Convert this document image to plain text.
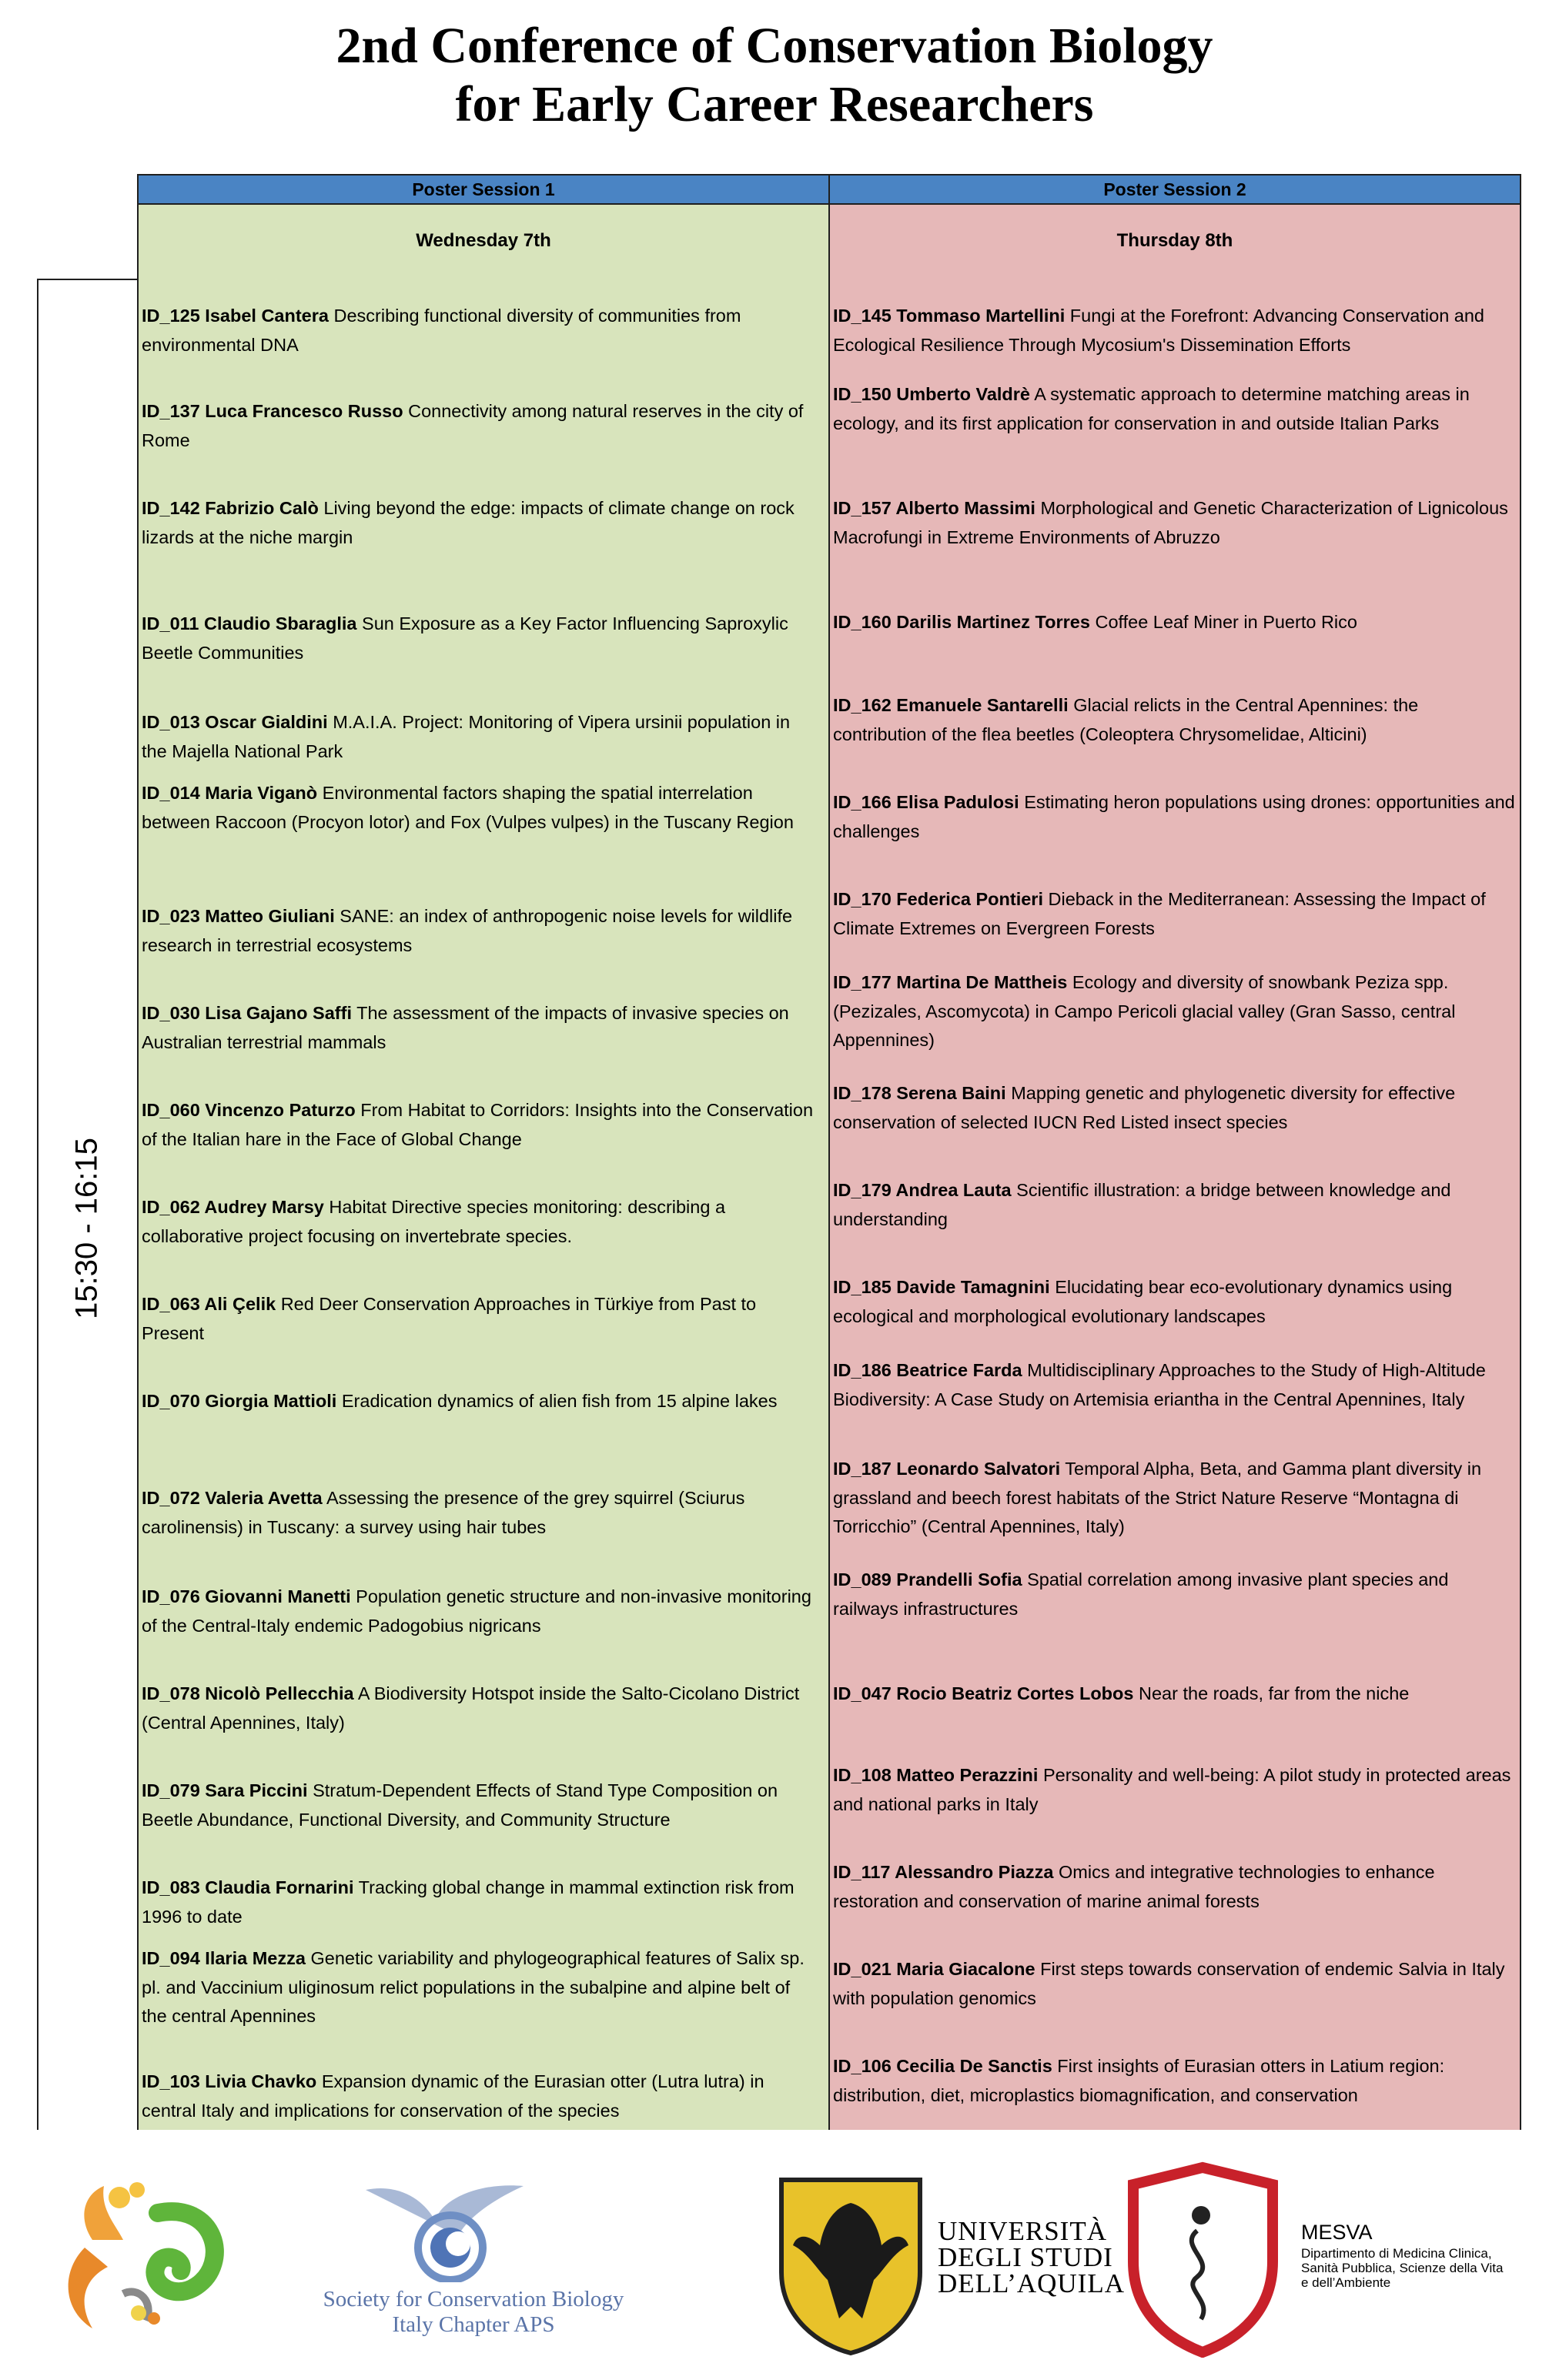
2nd Conference of Conservation Biology
for Early Career Researchers
Poster Session 1	Poster Session 2
Wednesday 7th	Thursday 8th
15:30 - 16:15
ID_125 Isabel Cantera Describing functional diversity of communities from environmental DNA
ID_137 Luca Francesco Russo Connectivity among natural reserves in the city of Rome
ID_142 Fabrizio Calò Living beyond the edge: impacts of climate change on rock lizards at the niche margin
ID_011 Claudio Sbaraglia Sun Exposure as a Key Factor Influencing Saproxylic Beetle Communities
ID_013 Oscar Gialdini M.A.I.A. Project: Monitoring of Vipera ursinii population in the Majella National Park
ID_014 Maria Viganò Environmental factors shaping the spatial interrelation between Raccoon (Procyon lotor) and Fox (Vulpes vulpes) in the Tuscany Region
ID_023 Matteo Giuliani SANE: an index of anthropogenic noise levels for wildlife research in terrestrial ecosystems
ID_030 Lisa Gajano Saffi The assessment of the impacts of invasive species on Australian terrestrial mammals
ID_060 Vincenzo Paturzo From Habitat to Corridors: Insights into the Conservation of the Italian hare in the Face of Global Change
ID_062 Audrey Marsy Habitat Directive species monitoring: describing a collaborative project focusing on invertebrate species.
ID_063 Ali Çelik Red Deer Conservation Approaches in Türkiye from Past to Present
ID_070 Giorgia Mattioli Eradication dynamics of alien fish from 15 alpine lakes
ID_072 Valeria Avetta Assessing the presence of the grey squirrel (Sciurus carolinensis) in Tuscany: a survey using hair tubes
ID_076 Giovanni Manetti Population genetic structure and non-invasive monitoring of the Central-Italy endemic Padogobius nigricans
ID_078 Nicolò Pellecchia A Biodiversity Hotspot inside the Salto-Cicolano District (Central Apennines, Italy)
ID_079 Sara Piccini Stratum-Dependent Effects of Stand Type Composition on Beetle Abundance, Functional Diversity, and Community Structure
ID_083 Claudia Fornarini Tracking global change in mammal extinction risk from 1996 to date
ID_094 Ilaria Mezza Genetic variability and phylogeographical features of Salix sp. pl. and Vaccinium uliginosum relict populations in the subalpine and alpine belt of the central Apennines
ID_103 Livia Chavko Expansion dynamic of the Eurasian otter (Lutra lutra) in central Italy and implications for conservation of the species
ID_145 Tommaso Martellini Fungi at the Forefront: Advancing Conservation and Ecological Resilience Through Mycosium's Dissemination Efforts
ID_150 Umberto Valdrè A systematic approach to determine matching areas in ecology, and its first application for conservation in and outside Italian Parks
ID_157 Alberto Massimi Morphological and Genetic Characterization of Lignicolous Macrofungi in Extreme Environments of Abruzzo
ID_160 Darilis Martinez Torres Coffee Leaf Miner in Puerto Rico
ID_162 Emanuele Santarelli Glacial relicts in the Central Apennines: the contribution of the flea beetles (Coleoptera Chrysomelidae, Alticini)
ID_166 Elisa Padulosi Estimating heron populations using drones: opportunities and challenges
ID_170 Federica Pontieri Dieback in the Mediterranean: Assessing the Impact of Climate Extremes on Evergreen Forests
ID_177 Martina De Mattheis Ecology and diversity of snowbank Peziza spp. (Pezizales, Ascomycota) in Campo Pericoli glacial valley (Gran Sasso, central Appennines)
ID_178 Serena Baini Mapping genetic and phylogenetic diversity for effective conservation of selected IUCN Red Listed insect species
ID_179 Andrea Lauta Scientific illustration: a bridge between knowledge and understanding
ID_185 Davide Tamagnini Elucidating bear eco-evolutionary dynamics using ecological and morphological evolutionary landscapes
ID_186 Beatrice Farda Multidisciplinary Approaches to the Study of High-Altitude Biodiversity: A Case Study on Artemisia eriantha in the Central Apennines, Italy
ID_187 Leonardo Salvatori Temporal Alpha, Beta, and Gamma plant diversity in grassland and beech forest habitats of the Strict Nature Reserve “Montagna di Torricchio” (Central Apennines, Italy)
ID_089 Prandelli Sofia Spatial correlation among invasive plant species and railways infrastructures
ID_047 Rocio Beatriz Cortes Lobos Near the roads, far from the niche
ID_108 Matteo Perazzini Personality and well-being: A pilot study in protected areas and national parks in Italy
ID_117 Alessandro Piazza Omics and integrative technologies to enhance restoration and conservation of marine animal forests
ID_021 Maria Giacalone First steps towards conservation of endemic Salvia in Italy with population genomics
ID_106 Cecilia De Sanctis First insights of Eurasian otters in Latium region: distribution, diet, microplastics biomagnification, and conservation
Society for Conservation Biology
Italy Chapter APS
UNIVERSITÀ
DEGLI STUDI
DELL’AQUILA
MESVA
Dipartimento di Medicina Clinica,
Sanità Pubblica, Scienze della Vita
e dell’Ambiente
